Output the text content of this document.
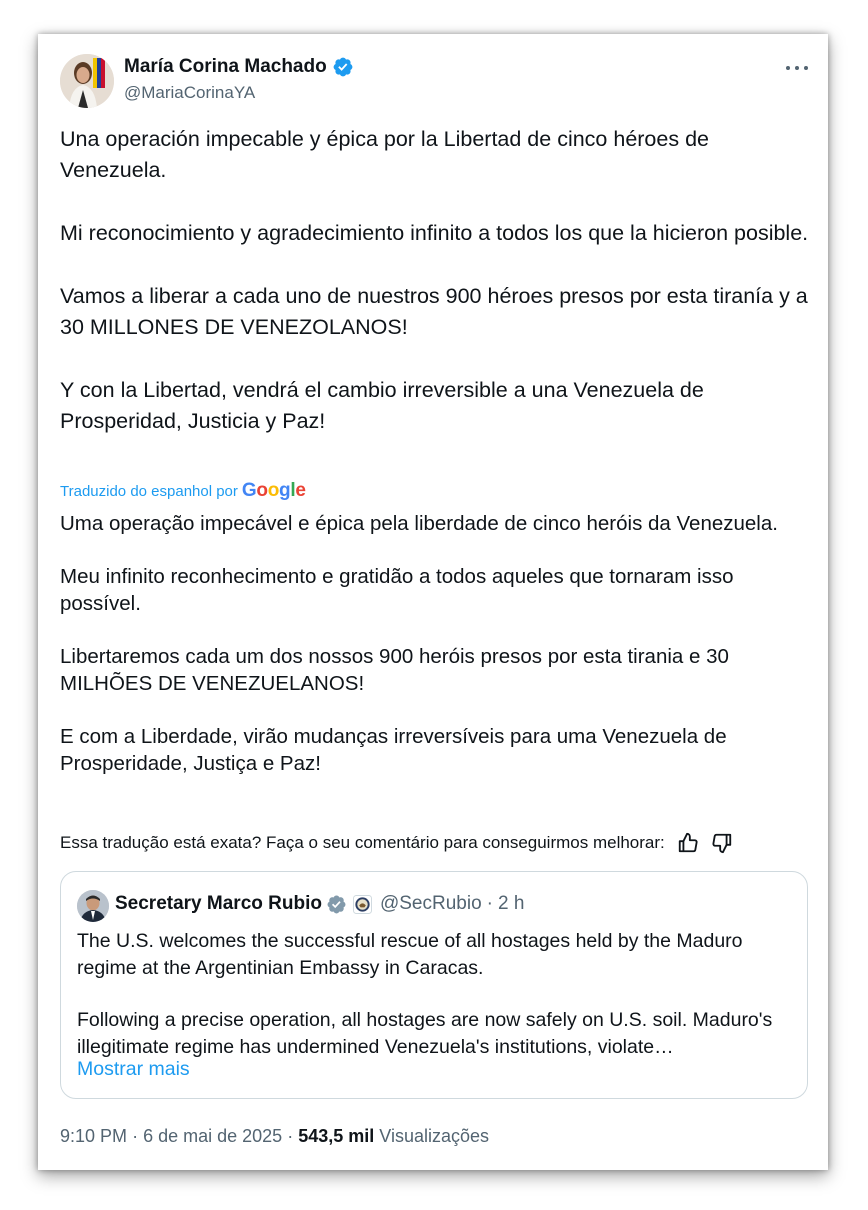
María Corina Machado
@MariaCorinaYA

Una operación impecable y épica por la Libertad de cinco héroes de Venezuela.

Mi reconocimiento y agradecimiento infinito a todos los que la hicieron posible.

Vamos a liberar a cada uno de nuestros 900 héroes presos por esta tiranía y a 30 MILLONES DE VENEZOLANOS!

Y con la Libertad, vendrá el cambio irreversible a una Venezuela de Prosperidad, Justicia y Paz!

Traduzido do espanhol por Google

Uma operação impecável e épica pela liberdade de cinco heróis da Venezuela.

Meu infinito reconhecimento e gratidão a todos aqueles que tornaram isso possível.

Libertaremos cada um dos nossos 900 heróis presos por esta tirania e 30 MILHÕES DE VENEZUELANOS!

E com a Liberdade, virão mudanças irreversíveis para uma Venezuela de Prosperidade, Justiça e Paz!

Essa tradução está exata? Faça o seu comentário para conseguirmos melhorar:
Secretary Marco Rubio	@SecRubio · 2 h

The U.S. welcomes the successful rescue of all hostages held by the Maduro regime at the Argentinian Embassy in Caracas.

Following a precise operation, all hostages are now safely on U.S. soil. Maduro's illegitimate regime has undermined Venezuela's institutions, violate…

Mostrar mais
9:10 PM · 6 de mai de 2025 · 543,5 mil Visualizações
